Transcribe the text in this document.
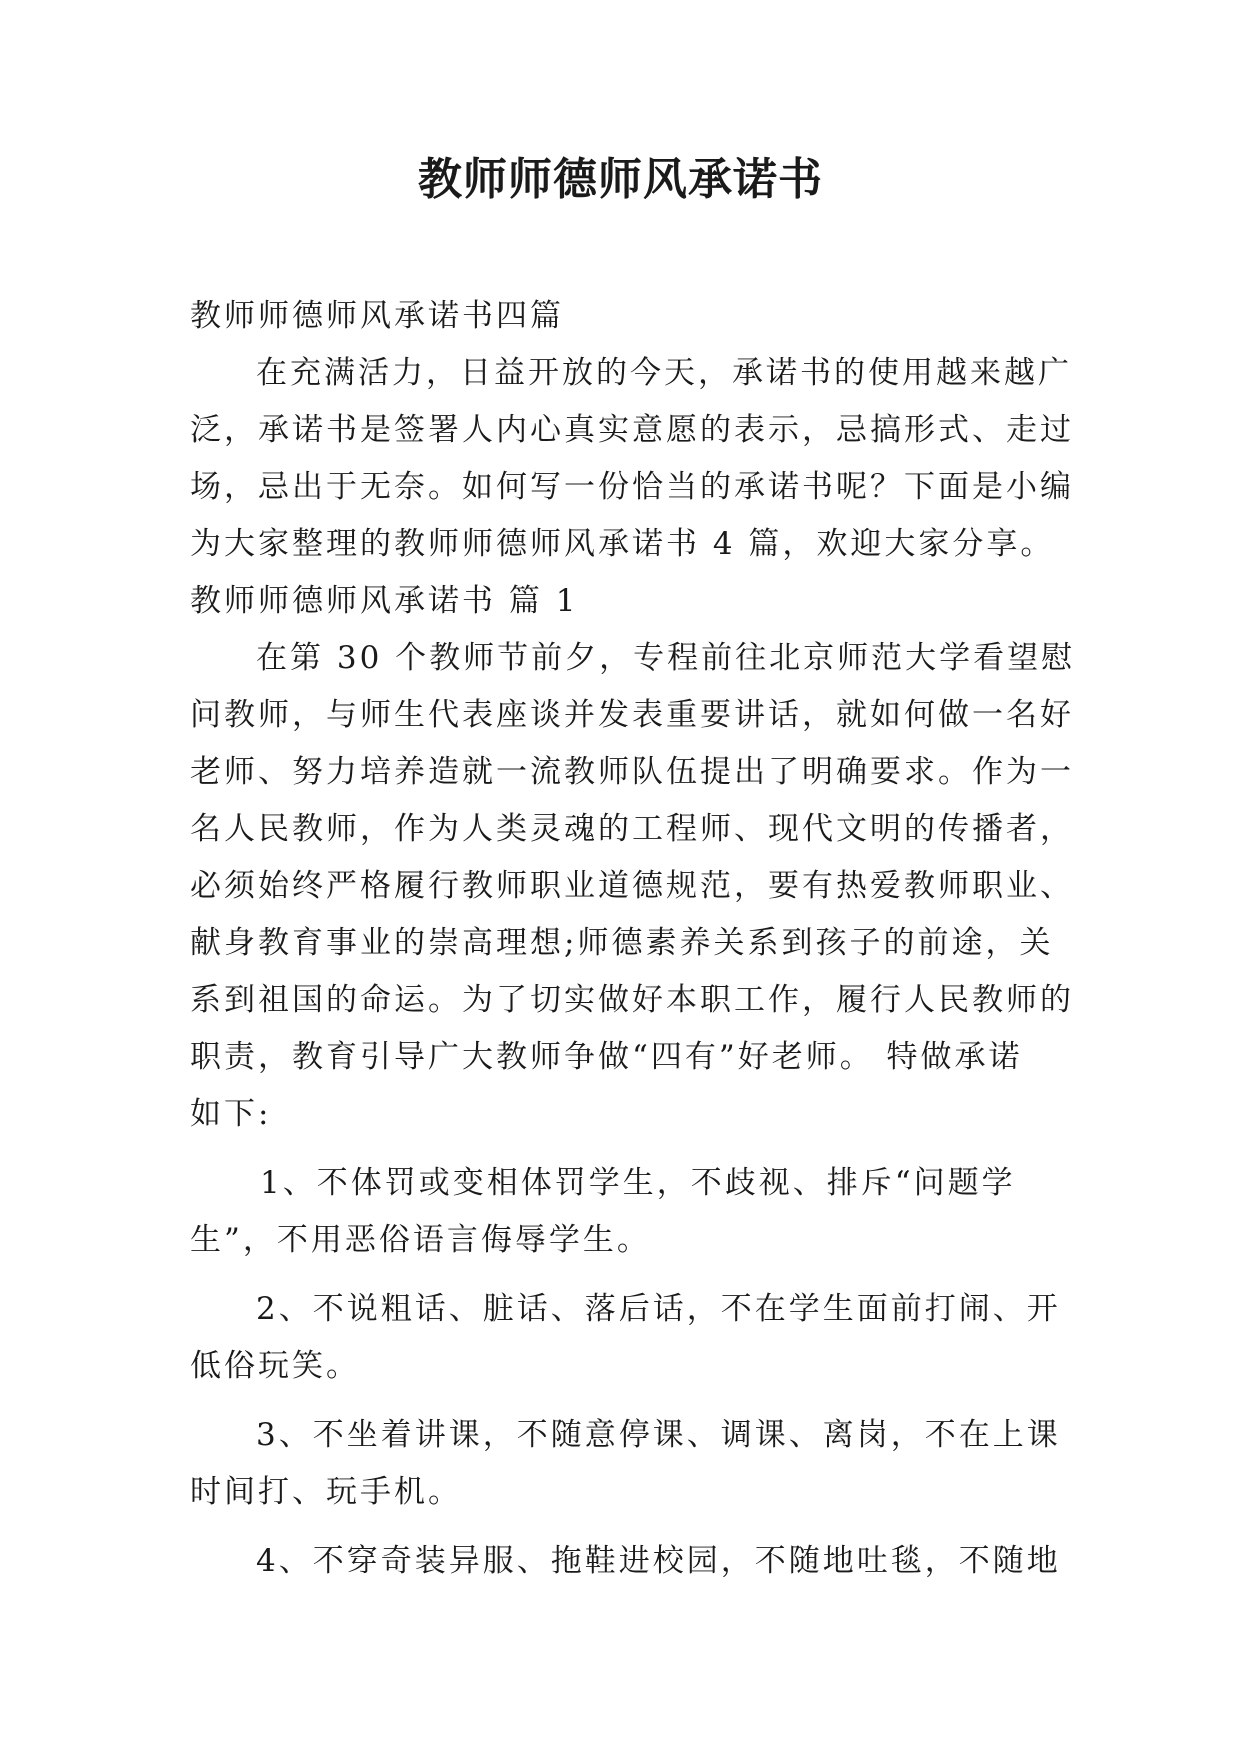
教师师德师风承诺书

教师师德师风承诺书四篇

在充满活力，日益开放的今天，承诺书的使用越来越广

泛，承诺书是签署人内心真实意愿的表示，忌搞形式、走过

场，忌出于无奈。如何写一份恰当的承诺书呢？下面是小编

为大家整理的教师师德师风承诺书 4 篇，欢迎大家分享。

教师师德师风承诺书 篇 1

在第 30 个教师节前夕，专程前往北京师范大学看望慰

问教师，与师生代表座谈并发表重要讲话，就如何做一名好

老师、努力培养造就一流教师队伍提出了明确要求。作为一

名人民教师，作为人类灵魂的工程师、现代文明的传播者，

必须始终严格履行教师职业道德规范，要有热爱教师职业、

献身教育事业的崇高理想;师德素养关系到孩子的前途，关

系到祖国的命运。为了切实做好本职工作，履行人民教师的

职责，教育引导广大教师争做“四有”好老师。 特做承诺

如下:

1、不体罚或变相体罚学生，不歧视、排斥“问题学

生”，不用恶俗语言侮辱学生。

2、不说粗话、脏话、落后话，不在学生面前打闹、开

低俗玩笑。

3、不坐着讲课，不随意停课、调课、离岗，不在上课

时间打、玩手机。

4、不穿奇装异服、拖鞋进校园，不随地吐毯，不随地
